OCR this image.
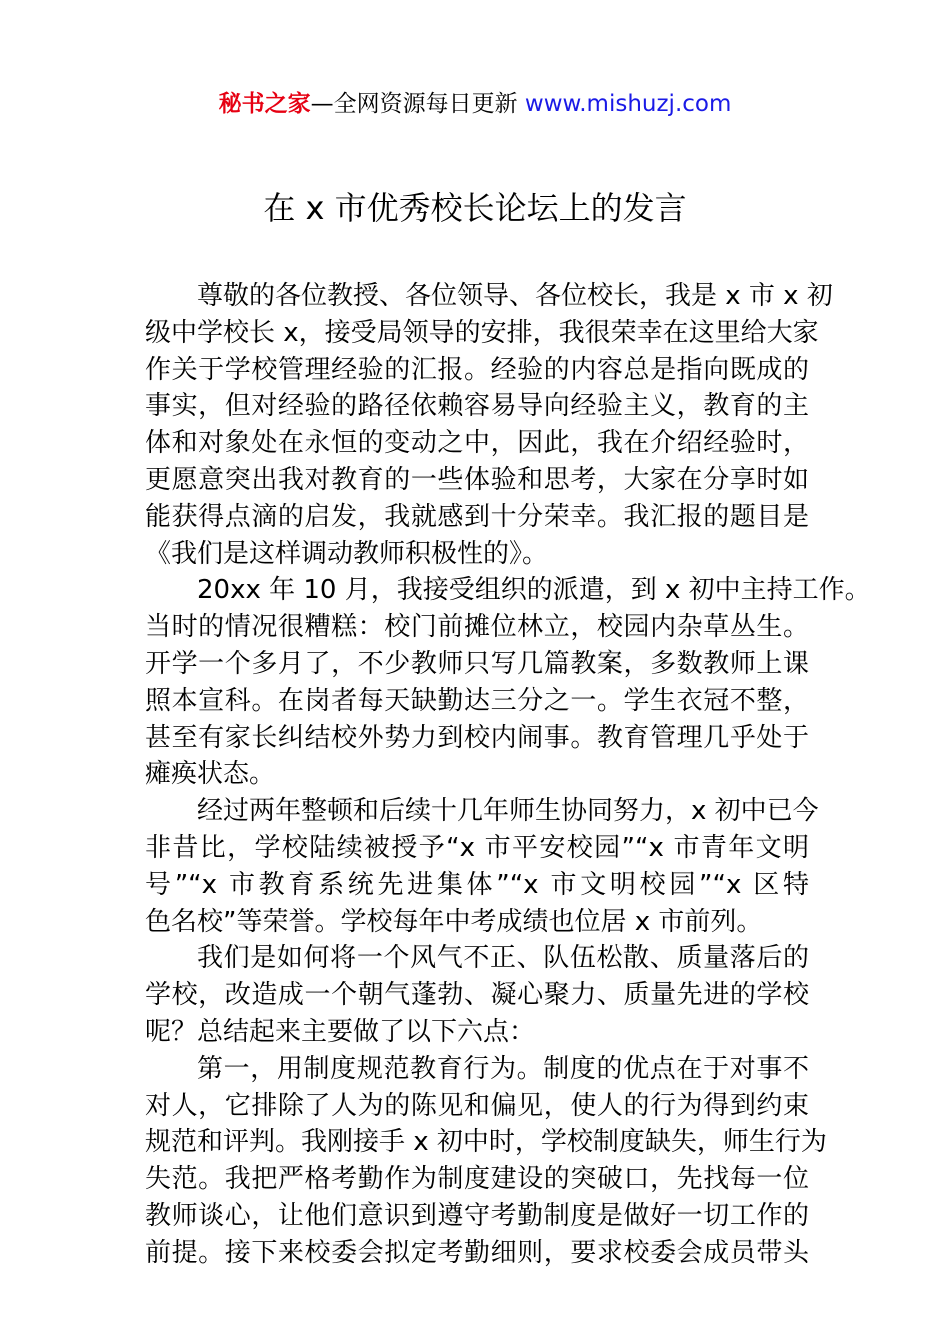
秘书之家—全网资源每日更新 www.mishuzj.com
在 x 市优秀校长论坛上的发言
尊敬的各位教授、各位领导、各位校长，我是 x 市 x 初
级中学校长 x，接受局领导的安排，我很荣幸在这里给大家
作关于学校管理经验的汇报。经验的内容总是指向既成的
事实，但对经验的路径依赖容易导向经验主义，教育的主
体和对象处在永恒的变动之中，因此，我在介绍经验时，
更愿意突出我对教育的一些体验和思考，大家在分享时如
能获得点滴的启发，我就感到十分荣幸。我汇报的题目是
《我们是这样调动教师积极性的》。
20xx 年 10 月，我接受组织的派遣，到 x 初中主持工作。
当时的情况很糟糕：校门前摊位林立，校园内杂草丛生。
开学一个多月了，不少教师只写几篇教案，多数教师上课
照本宣科。在岗者每天缺勤达三分之一。学生衣冠不整，
甚至有家长纠结校外势力到校内闹事。教育管理几乎处于
瘫痪状态。
经过两年整顿和后续十几年师生协同努力，x 初中已今
非昔比，学校陆续被授予“x 市平安校园”“x 市青年文明
号”“x 市教育系统先进集体”“x 市文明校园”“x 区特
色名校”等荣誉。学校每年中考成绩也位居 x 市前列。
我们是如何将一个风气不正、队伍松散、质量落后的
学校，改造成一个朝气蓬勃、凝心聚力、质量先进的学校
呢？总结起来主要做了以下六点：
第一，用制度规范教育行为。制度的优点在于对事不
对人，它排除了人为的陈见和偏见，使人的行为得到约束
规范和评判。我刚接手 x 初中时，学校制度缺失，师生行为
失范。我把严格考勤作为制度建设的突破口，先找每一位
教师谈心，让他们意识到遵守考勤制度是做好一切工作的
前提。接下来校委会拟定考勤细则，要求校委会成员带头
